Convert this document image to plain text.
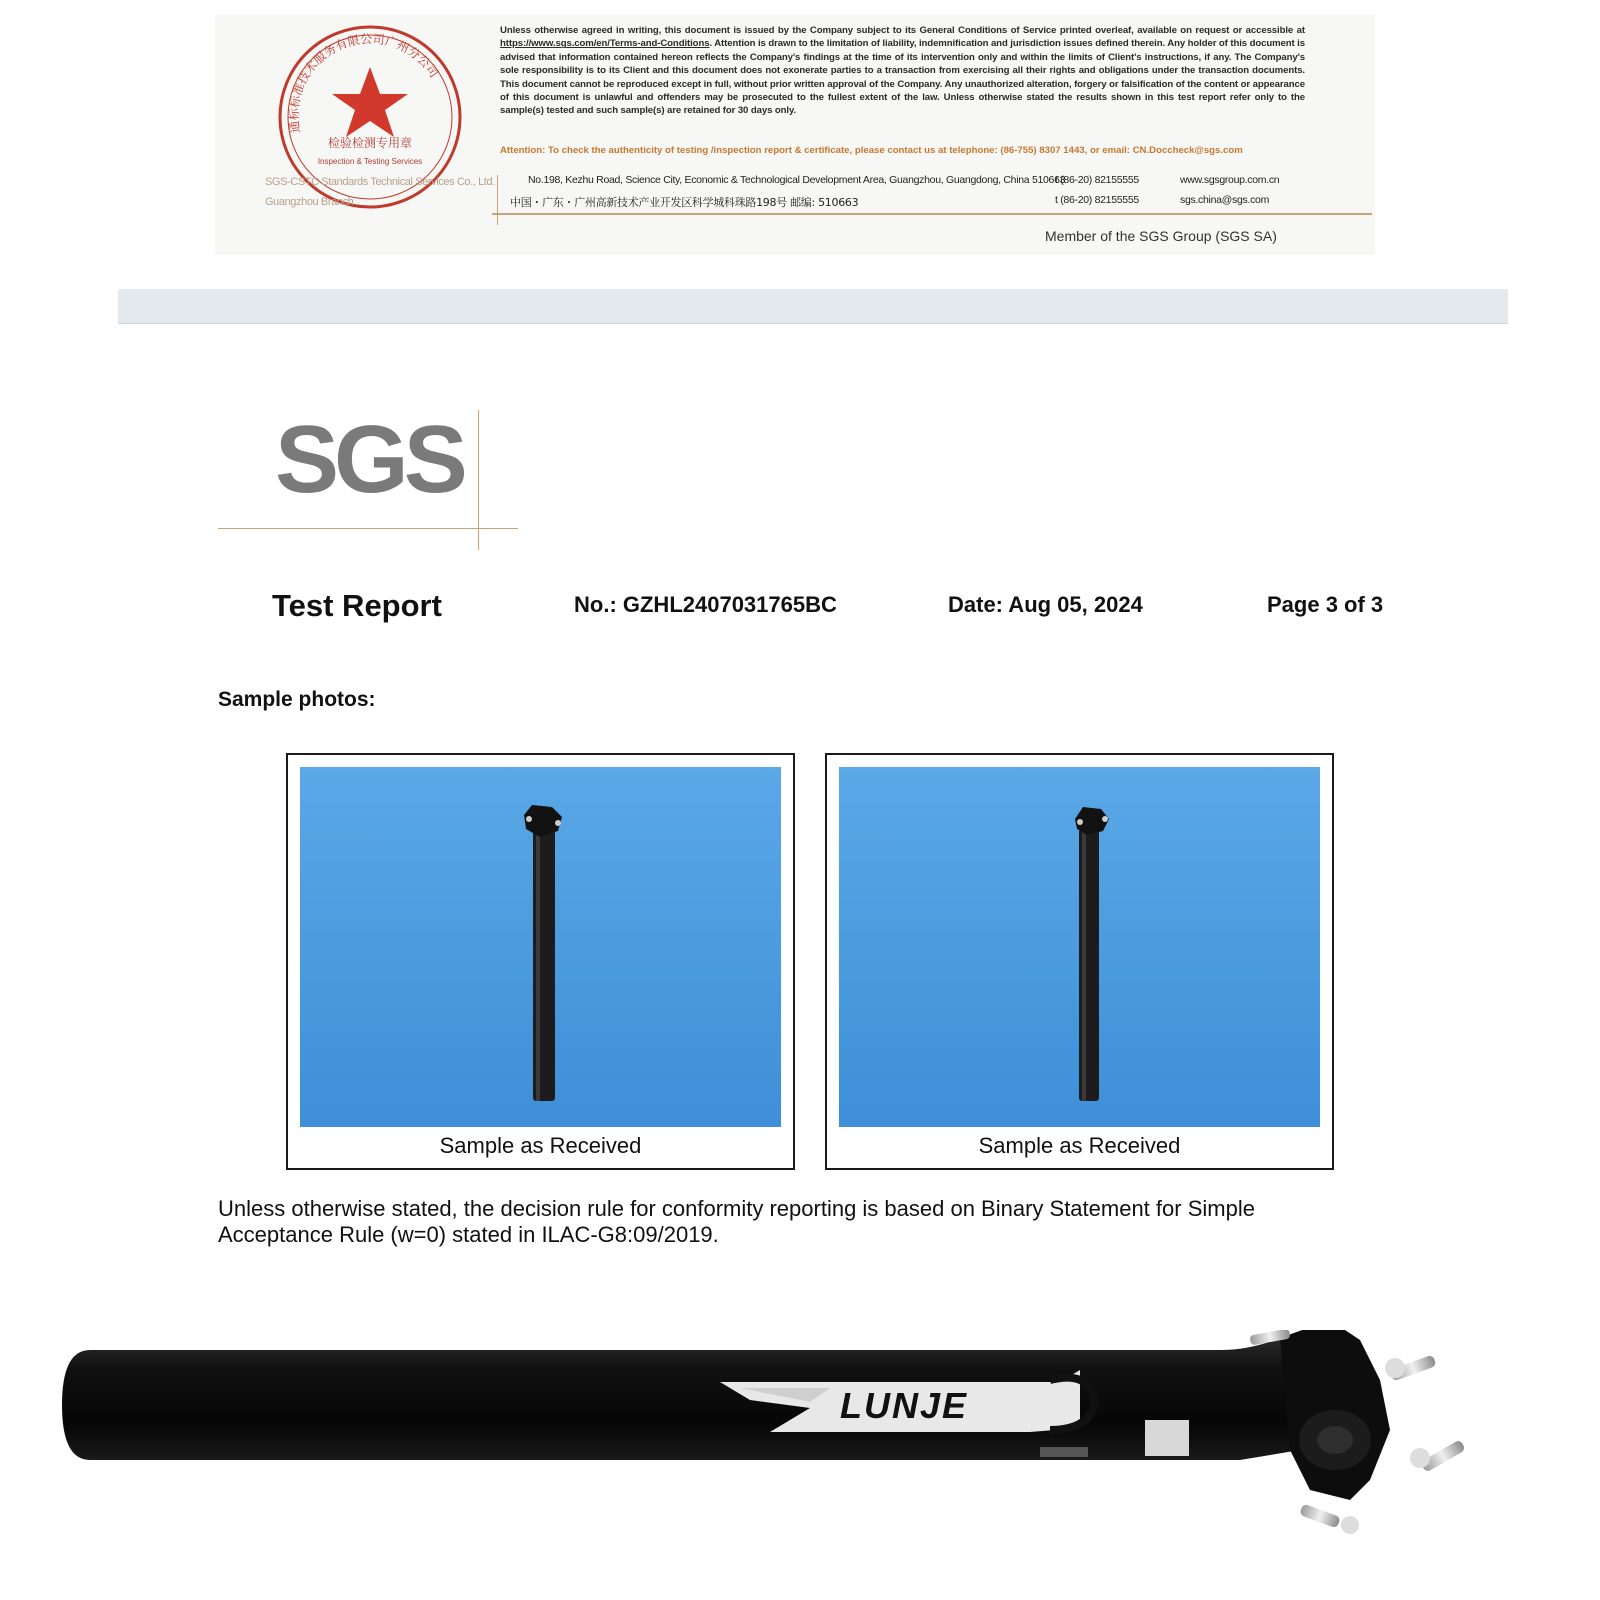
通标标准技术服务有限公司广州分公司
检验检测专用章
Inspection & Testing Services
SGS-CSTC Standards Technical Services Co., Ltd.
Guangzhou Branch
Unless otherwise agreed in writing, this document is issued by the Company subject to its General Conditions of Service printed overleaf, available on request or accessible at https://www.sgs.com/en/Terms-and-Conditions. Attention is drawn to the limitation of liability, indemnification and jurisdiction issues defined therein. Any holder of this document is advised that information contained hereon reflects the Company's findings at the time of its intervention only and within the limits of Client's instructions, if any. The Company's sole responsibility is to its Client and this document does not exonerate parties to a transaction from exercising all their rights and obligations under the transaction documents. This document cannot be reproduced except in full, without prior written approval of the Company. Any unauthorized alteration, forgery or falsification of the content or appearance of this document is unlawful and offenders may be prosecuted to the fullest extent of the law. Unless otherwise stated the results shown in this test report refer only to the sample(s) tested and such sample(s) are retained for 30 days only.
Attention: To check the authenticity of testing /inspection report & certificate, please contact us at telephone: (86-755) 8307 1443, or email: CN.Doccheck@sgs.com
No.198, Kezhu Road, Science City, Economic & Technological Development Area, Guangzhou, Guangdong, China 510663
t (86-20) 82155555	www.sgsgroup.com.cn
中国・广东・广州高新技术产业开发区科学城科珠路198号 邮编: 510663	t (86-20) 82155555	sgs.china@sgs.com
Member of the SGS Group (SGS SA)
SGS
Test Report	No.: GZHL2407031765BC	Date: Aug 05, 2024	Page 3 of 3
Sample photos:
Sample as Received	Sample as Received
Unless otherwise stated, the decision rule for conformity reporting is based on Binary Statement for Simple Acceptance Rule (w=0) stated in ILAC-G8:09/2019.
LUNJE
